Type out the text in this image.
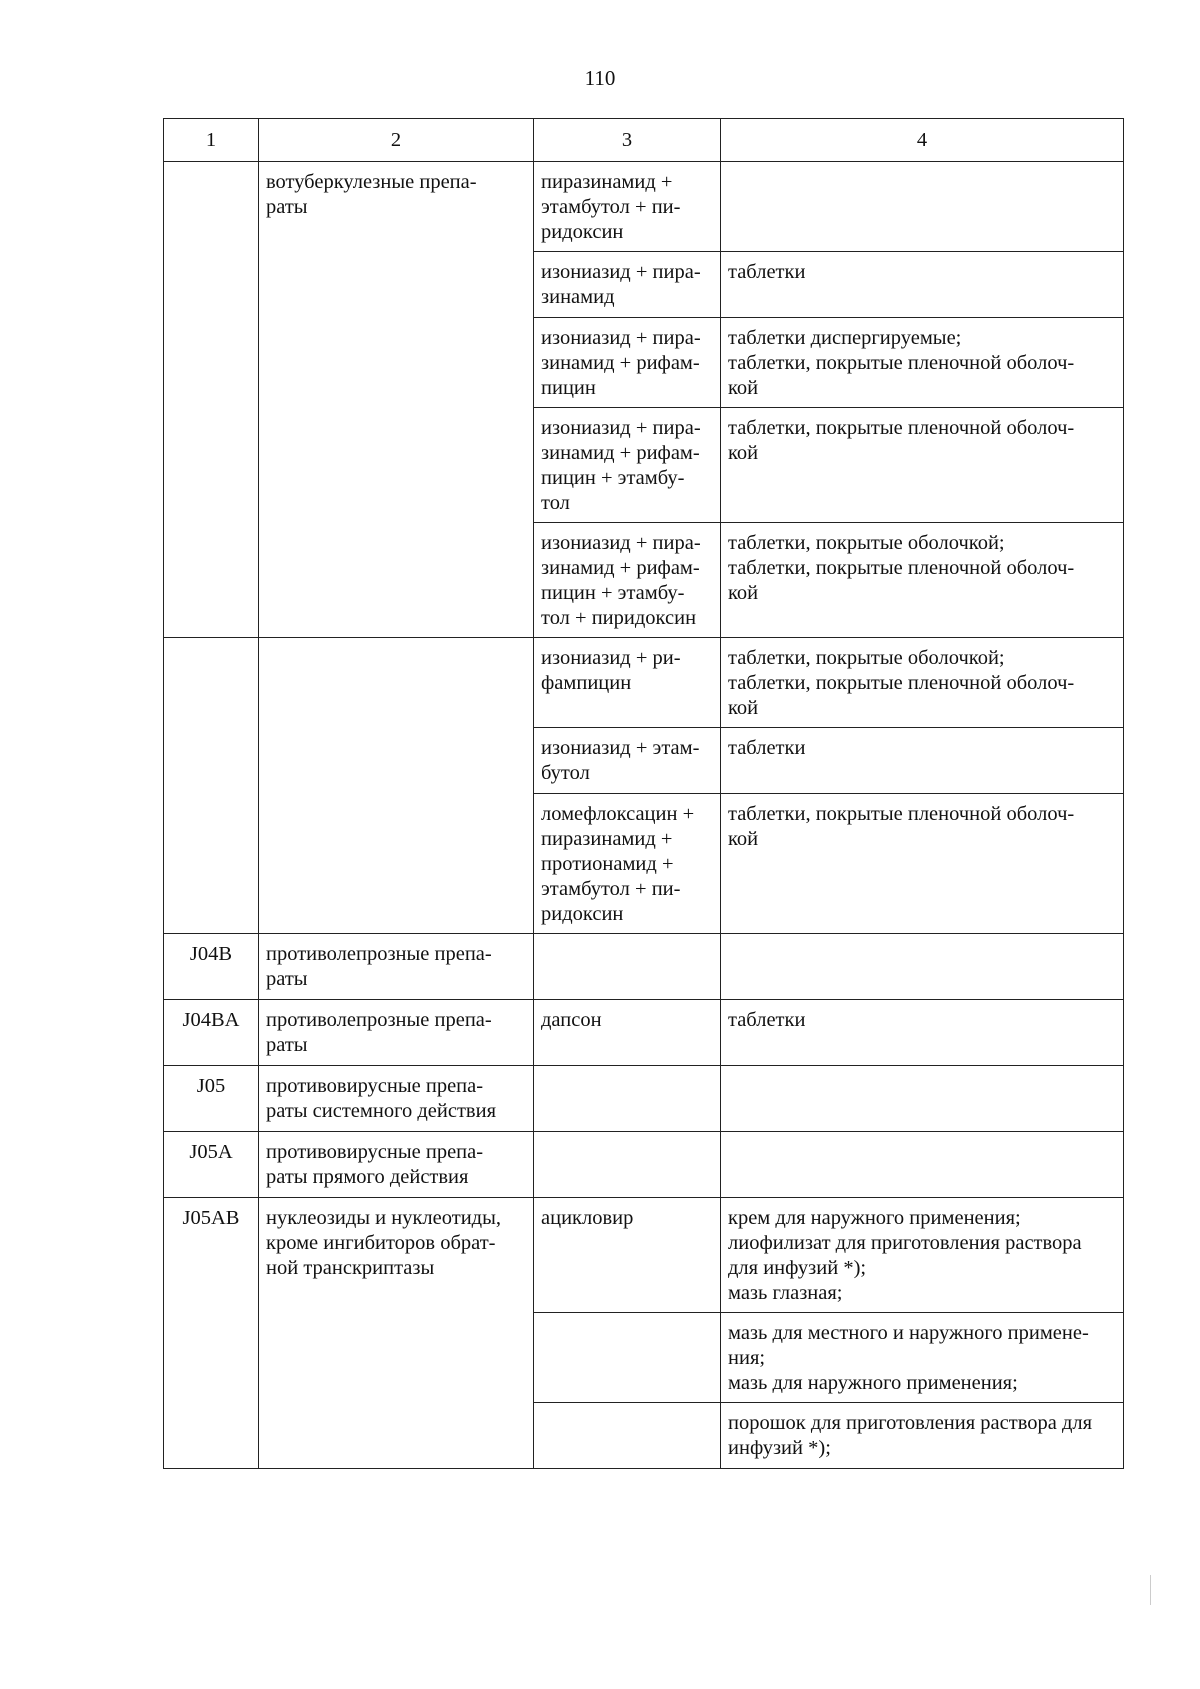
110
1	2	3	4

	вотуберкулезные препа-
раты	пиразинамид +
этамбутол + пи-
ридоксин	

		изониазид + пира-
зинамид	таблетки

		изониазид + пира-
зинамид + рифам-
пицин	таблетки диспергируемые;
таблетки, покрытые пленочной оболоч-
кой

		изониазид + пира-
зинамид + рифам-
пицин + этамбу-
тол	таблетки, покрытые пленочной оболоч-
кой

		изониазид + пира-
зинамид + рифам-
пицин + этамбу-
тол + пиридоксин	таблетки, покрытые оболочкой;
таблетки, покрытые пленочной оболоч-
кой

		изониазид + ри-
фампицин	таблетки, покрытые оболочкой;
таблетки, покрытые пленочной оболоч-
кой

		изониазид + этам-
бутол	таблетки

		ломефлоксацин +
пиразинамид +
протионамид +
этамбутол + пи-
ридоксин	таблетки, покрытые пленочной оболоч-
кой

J04B	противолепрозные препа-
раты		

J04BA	противолепрозные препа-
раты	дапсон	таблетки

J05	противовирусные препа-
раты системного действия		

J05A	противовирусные препа-
раты прямого действия		

J05AB	нуклеозиды и нуклеотиды,
кроме ингибиторов обрат-
ной транскриптазы	ацикловир	крем для наружного применения;
лиофилизат для приготовления раствора
для инфузий *);
мазь глазная;

			мазь для местного и наружного примене-
ния;
мазь для наружного применения;

			порошок для приготовления раствора для
инфузий *);
